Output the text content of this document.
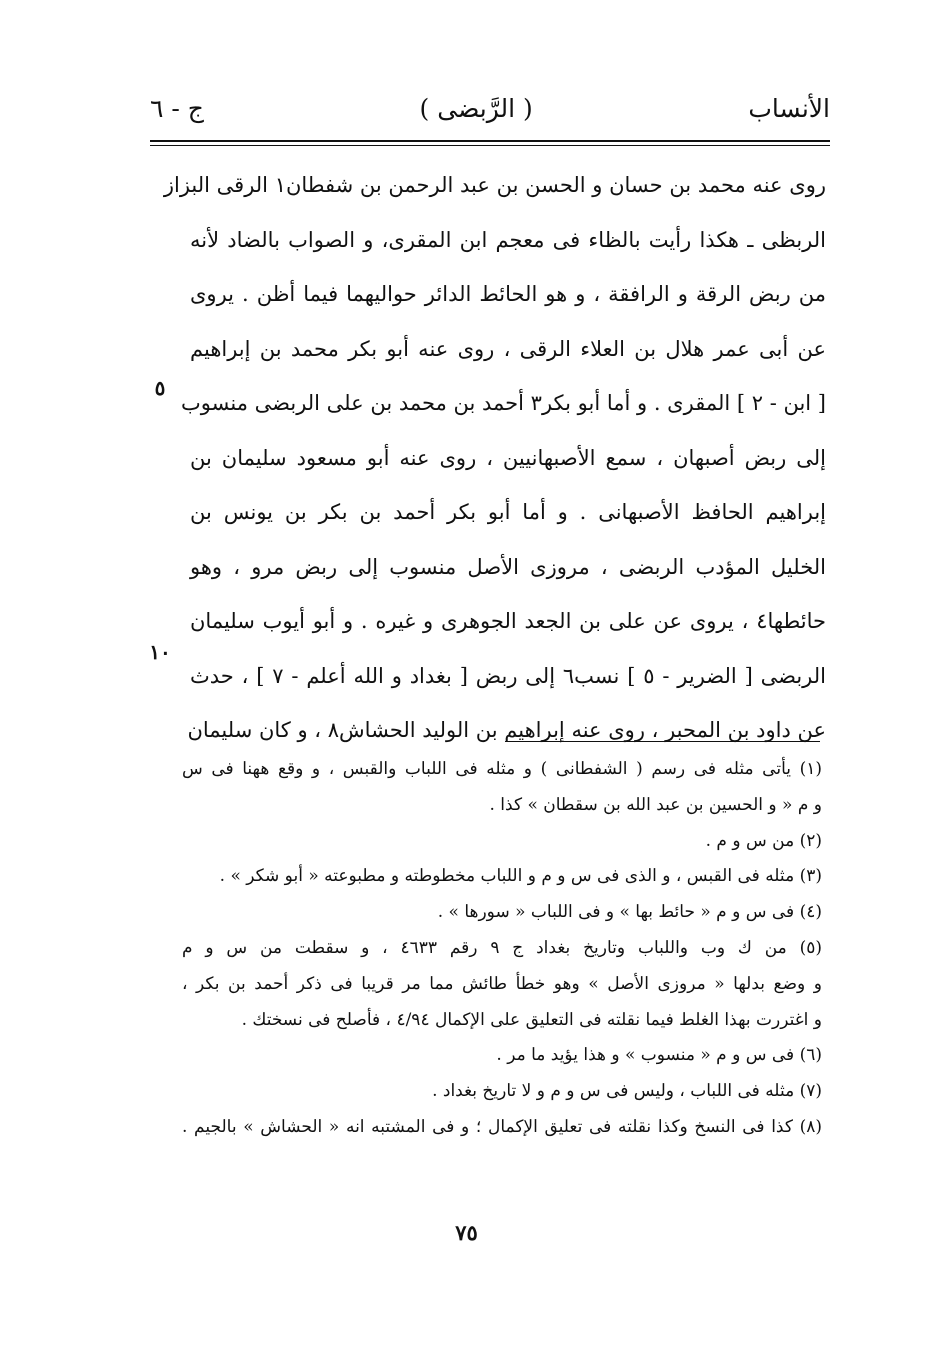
الأنساب
( الرَّبضى )
ج - ٦
روى عنه محمد بن حسان و الحسن بن عبد الرحمن بن شفطان١ الرقى البزاز
الربظى ـ هكذا رأيت بالظاء فى معجم ابن المقرى، و الصواب بالضاد لأنه
من ربض الرقة و الرافقة ، و هو الحائط الدائر حواليهما فيما أظن . يروى
عن أبى عمر هلال بن العلاء الرقى ، روى عنه أبو بكر محمد بن إبراهيم
[ ابن - ٢ ] المقرى . و أما أبو بكر٣ أحمد بن محمد بن على الربضى منسوب
إلى ربض أصبهان ، سمع الأصبهانيين ، روى عنه أبو مسعود سليمان بن
إبراهيم الحافظ الأصبهانى . و أما أبو بكر أحمد بن بكر بن يونس بن
الخليل المؤدب الربضى ، مروزى الأصل منسوب إلى ربض مرو ، وهو
حائطها٤ ، يروى عن على بن الجعد الجوهرى و غيره . و أبو أيوب سليمان
الربضى [ الضرير - ٥ ] نسب٦ إلى ربض [ بغداد و الله أعلم - ٧ ] ، حدث
عن داود بن المحبر ، روى عنه إبراهيم بن الوليد الحشاش٨ ، و كان سليمان
٥
١٠
(١) يأتى مثله فى رسم ( الشفطانى ) و مثله فى اللباب والقبس ، و وقع ههنا فى س
و م « و الحسين بن عبد الله بن سقطان » كذا .
(٢) من س و م .
(٣) مثله فى القبس ، و الذى فى س و م و اللباب مخطوطته و مطبوعته « أبو شكر » .
(٤) فى س و م « حائط بها » و فى اللباب « سورها » .
(٥) من ك وب واللباب وتاريخ بغداد ج ٩ رقم ٤٦٣٣ ، و سقطت من س و م
و وضع بدلها « مروزى الأصل » وهو خطأ طائش مما مر قريبا فى ذكر أحمد بن بكر ،
و اغتررت بهذا الغلط فيما نقلته فى التعليق على الإكمال ٤/٩٤ ، فأصلح فى نسختك .
(٦) فى س و م « منسوب » و هذا يؤيد ما مر .
(٧) مثله فى اللباب ، وليس فى س و م و لا تاريخ بغداد .
(٨) كذا فى النسخ وكذا نقلته فى تعليق الإكمال ؛ و فى المشتبه انه « الحشاش » بالجيم .
٧٥
